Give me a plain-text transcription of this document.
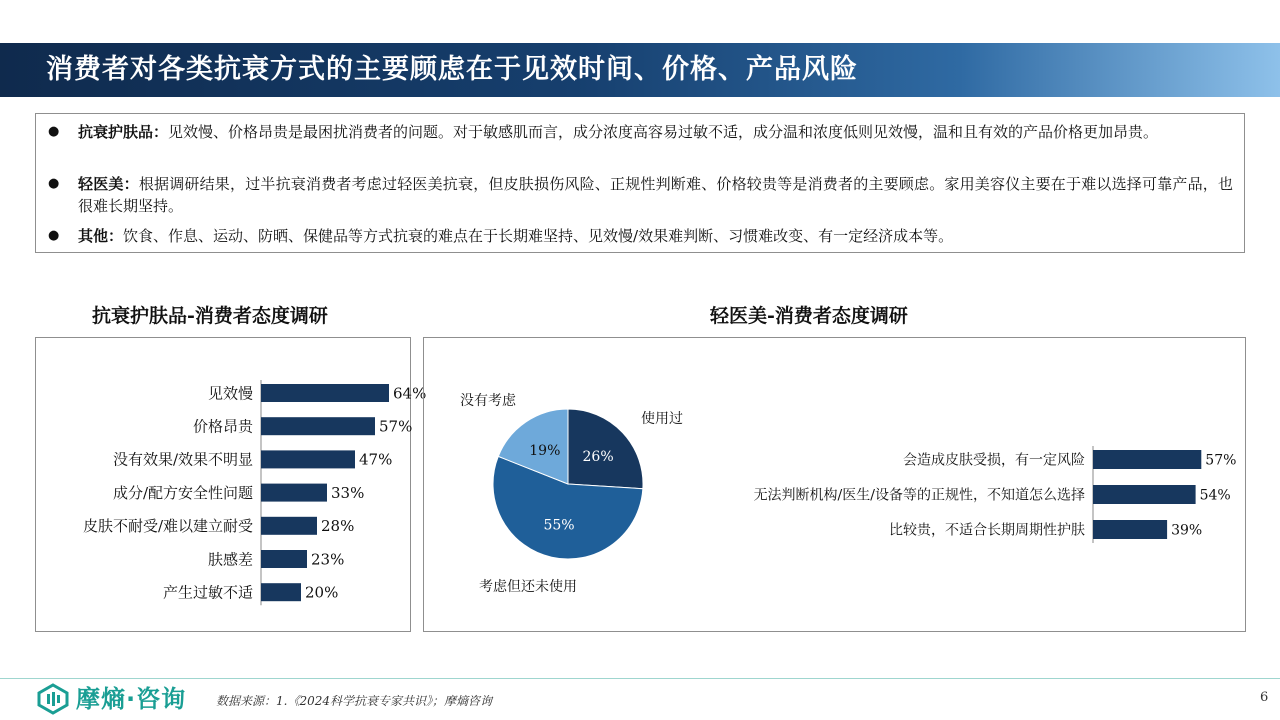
消费者对各类抗衰方式的主要顾虑在于见效时间、价格、产品风险
● 抗衰护肤品：见效慢、价格昂贵是最困扰消费者的问题。对于敏感肌而言，成分浓度高容易过敏不适，成分温和浓度低则见效慢，温和且有效的产品价格更加昂贵。
● 轻医美：根据调研结果，过半抗衰消费者考虑过轻医美抗衰，但皮肤损伤风险、正规性判断难、价格较贵等是消费者的主要顾虑。家用美容仪主要在于难以选择可靠产品，也很难长期坚持。
● 其他：饮食、作息、运动、防晒、保健品等方式抗衰的难点在于长期难坚持、见效慢/效果难判断、习惯难改变、有一定经济成本等。
抗衰护肤品-消费者态度调研	轻医美-消费者态度调研
见效慢	64%
价格昂贵	57%
没有效果/效果不明显	47%
成分/配方安全性问题	33%
皮肤不耐受/难以建立耐受	28%
肤感差	23%
产生过敏不适	20%
26%
55%
19%
使用过
考虑但还未使用
没有考虑
会造成皮肤受损，有一定风险	57%
无法判断机构/医生/设备等的正规性，不知道怎么选择	54%
比较贵，不适合长期周期性护肤	39%
摩熵·咨询 数据来源：1.《2024科学抗衰专家共识》；摩熵咨询	6
